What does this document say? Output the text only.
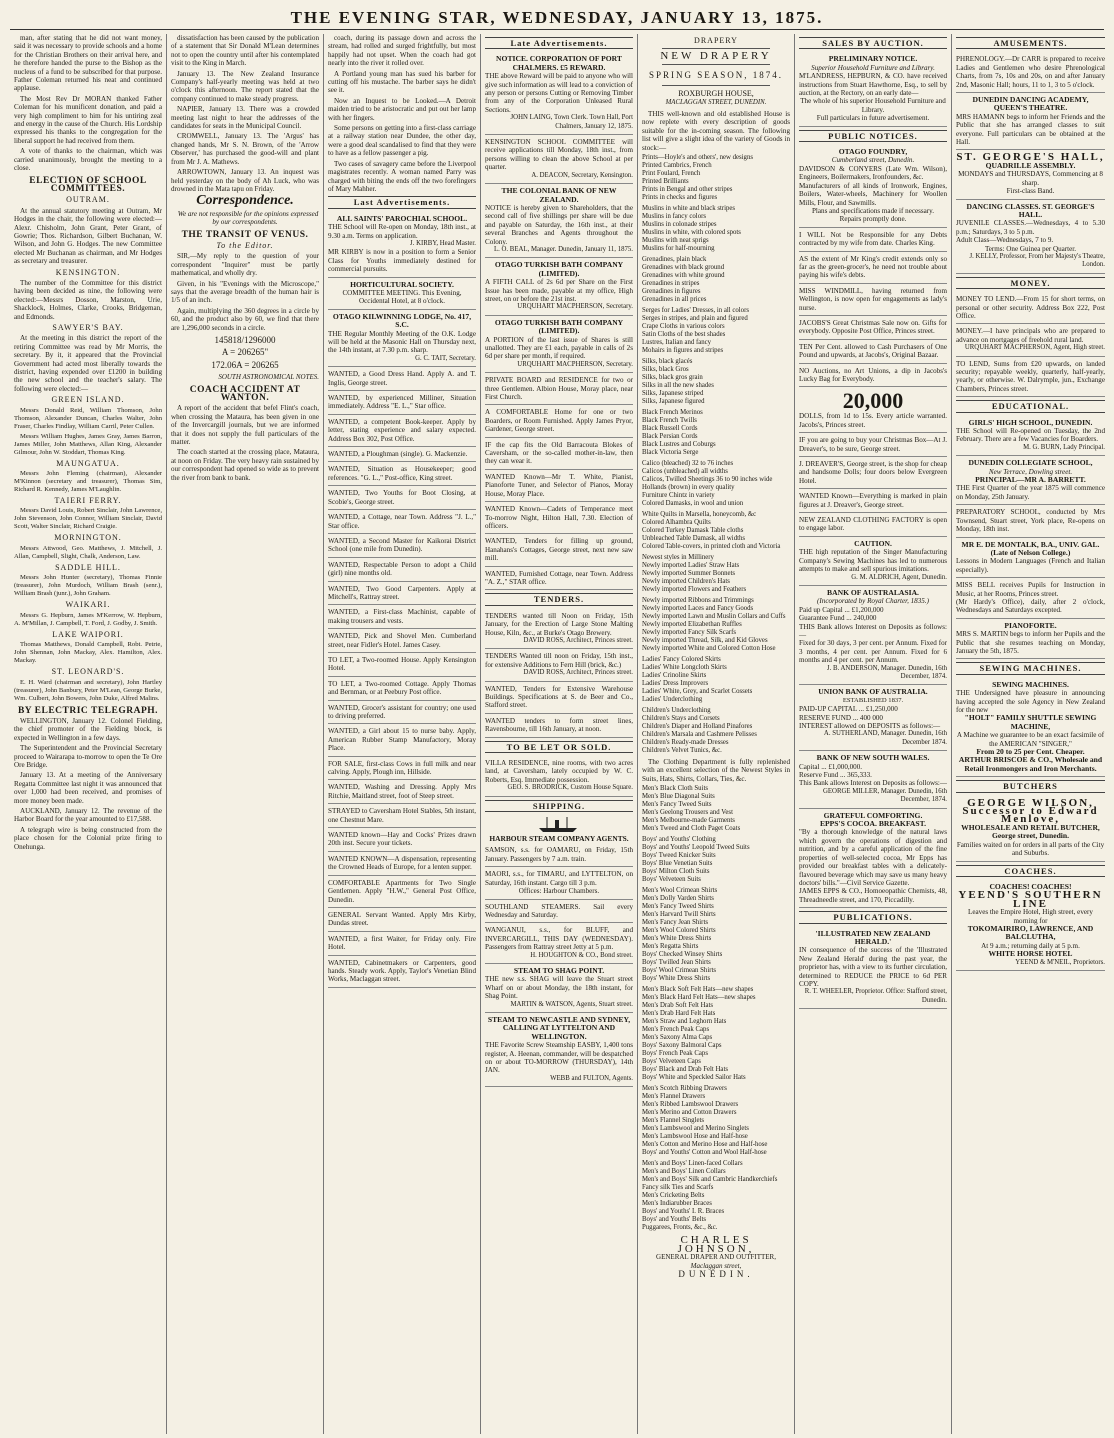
THE EVENING STAR, WEDNESDAY, JANUARY 13, 1875.

man, after stating that he did not want money, said it was necessary to provide schools and a home for the Christian Brothers on their arrival here, and he therefore handed the purse to the Bishop as the nucleus of a fund to be subscribed for that purpose. Father Coleman returned his neat and continued applause.

The Most Rev Dr MORAN thanked Father Coleman for his munificent donation, and paid a very high compliment to him for his untiring zeal and energy in the cause of the Church. His Lordship expressed his thanks to the congregation for the liberal support he had received from them.

A vote of thanks to the chairman, which was carried unanimously, brought the meeting to a close.

ELECTION OF SCHOOL COMMITTEES.
OUTRAM.

At the annual statutory meeting at Outram, Mr Hodges in the chair, the following were elected:—Alexr. Chisholm, John Grant, Peter Grant, of Gowrie; Thos. Richardson, Gilbert Buchanan, W. Wilson, and John G. Hodges. The new Committee elected Mr Buchanan as chairman, and Mr Hodges as secretary and treasurer.

KENSINGTON.

The number of the Committee for this district having been decided as nine, the following were elected:—Messrs Dosson, Marston, Urie, Shacklock, Holmes, Clarke, Crooks, Bridgeman, and Edmonds.

SAWYER'S BAY.

At the meeting in this district the report of the retiring Committee was read by Mr Morris, the secretary. By it, it appeared that the Provincial Government had acted most liberally towards the district, having expended over £1200 in building the new school and the teacher's salary. The following were elected:—

GREEN ISLAND.

Messrs Donald Reid, William Thomson, John Thomson, Alexander Duncan, Charles Walter, John Fraser, Charles Findlay, William Carril, Peter Cullen.

Messrs William Hughes, James Gray, James Barron, James Miller, John Matthews, Allan King, Alexander Gilmour, John W. Stoddart, Thomas King.

MAUNGATUA.

Messrs John Fleming (chairman), Alexander M'Kinnon (secretary and treasurer), Thomas Sim, Richard R. Kennedy, James M'Laughlin.

TAIERI FERRY.

Messrs David Louis, Robert Sinclair, John Lawrence, John Stevenson, John Connor, William Sinclair, David Scott, Walter Sinclair, Richard Craigie.

MORNINGTON.

Messrs Attwood, Geo. Matthews, J. Mitchell, J. Allan, Campbell, Slight, Chalk, Anderson, Law.

SADDLE HILL.

Messrs John Hunter (secretary), Thomas Finnie (treasurer), John Murdoch, William Brash (senr.), William Brash (junr.), John Graham.

WAIKARI.

Messrs G. Hepburn, James M'Kerrow, W. Hepburn, A. M'Millan, J. Campbell, T. Ford, J. Godby, J. Smith.

LAKE WAIPORI.

Thomas Matthews, Donald Campbell, Robt. Petrie, John Shennan, John Mackay, Alex. Hamilton, Alex. Mackay.

ST. LEONARD'S.

E. H. Ward (chairman and secretary), John Hartley (treasurer), John Banbury, Peter M'Lean, George Burke, Wm. Culbert, John Bowers, John Duke, Alfred Malins.

BY ELECTRIC TELEGRAPH.

WELLINGTON, January 12. Colonel Fielding, the chief promoter of the Fielding block, is expected in Wellington in a few days.

The Superintendent and the Provincial Secretary proceed to Wairarapa to-morrow to open the Te Ore Ore Bridge.

January 13. At a meeting of the Anniversary Regatta Committee last night it was announced that over 1,000 had been received, and promises of more money been made.

AUCKLAND, January 12. The revenue of the Harbor Board for the year amounted to £17,588.

A telegraph wire is being constructed from the place chosen for the Colonial prize firing to Onehunga.

dissatisfaction has been caused by the publication of a statement that Sir Donald M'Lean determines not to open the country until after his contemplated visit to the King in March.

January 13. The New Zealand Insurance Company's half-yearly meeting was held at two o'clock this afternoon. The report stated that the company continued to make steady progress.

NAPIER, January 13. There was a crowded meeting last night to hear the addresses of the candidates for seats in the Municipal Council.

CROMWELL, January 13. The 'Argus' has changed hands, Mr S. N. Brown, of the 'Arrow Observer,' has purchased the good-will and plant from Mr J. A. Mathews.

ARROWTOWN, January 13. An inquest was held yesterday on the body of Ah Luck, who was drowned in the Mata tapu on Friday.

Correspondence.

We are not responsible for the opinions expressed by our correspondents.

THE TRANSIT OF VENUS.
To the Editor.

SIR,—My reply to the question of your correspondent "Inquirer" must be partly mathematical, and wholly dry.

Given, in his "Evenings with the Microscope," says that the average breadth of the human hair is 1/5 of an inch.

Again, multiplying the 360 degrees in a circle by 60, and the product also by 60, we find that there are 1,296,000 seconds in a circle.

145818/1296000
A = 206265"
172.06A = 206265
SOUTH ASTRONOMICAL NOTES.
COACH ACCIDENT AT WANTON.

A report of the accident that befel Flint's coach, when crossing the Mataura, has been given in one of the Invercargill journals, but we are informed that it does not supply the full particulars of the matter.

The coach started at the crossing place, Mataura, at noon on Friday. The very heavy rain sustained by our correspondent had opened so wide as to prevent the river from bank to bank.

coach, during its passage down and across the stream, had rolled and surged frightfully, but most happily had not upset. When the coach had got nearly into the river it rolled over.

A Portland young man has sued his barber for cutting off his mustache. The barber says he didn't see it.

Now an Inquest to be Looked.—A Detroit maiden tried to be aristocratic and put out her lamp with her fingers.

Some persons on getting into a first-class carriage at a railway station near Dundee, the other day, were a good deal scandalised to find that they were to have as a fellow passenger a pig.

Two cases of savagery came before the Liverpool magistrates recently. A woman named Parry was charged with biting the ends off the two forefingers of Mary Mahher.

Last Advertisements.
ALL SAINTS' PAROCHIAL SCHOOL.
THE School will Re-open on Monday, 18th inst., at 9.30 a.m. Terms on application.
J. KIRBY, Head Master.
MR KIRBY is now in a position to form a Senior Class for Youths immediately destined for commercial pursuits.
HORTICULTURAL SOCIETY.
COMMITTEE MEETING. This Evening, Occidental Hotel, at 8 o'clock.
OTAGO KILWINNING LODGE, No. 417, S.C.
THE Regular Monthly Meeting of the O.K. Lodge will be held at the Masonic Hall on Thursday next, the 14th instant, at 7.30 p.m. sharp.
G. C. TAIT, Secretary.
WANTED, a Good Dress Hand. Apply A. and T. Inglis, George street.
WANTED, by experienced Milliner, Situation immediately. Address "E. L.," Star office.
WANTED, a competent Book-keeper. Apply by letter, stating experience and salary expected. Address Box 302, Post Office.
WANTED, a Ploughman (single). G. Mackenzie.
WANTED, Situation as Housekeeper; good references. "G. L.," Post-office, King street.
WANTED, Two Youths for Boot Closing, at Scobie's, George street.
WANTED, a Cottage, near Town. Address "J. L.," Star office.
WANTED, a Second Master for Kaikorai District School (one mile from Dunedin).
WANTED, Respectable Person to adopt a Child (girl) nine months old.
WANTED, Two Good Carpenters. Apply at Mitchell's, Rattray street.
WANTED, a First-class Machinist, capable of making trousers and vests.
WANTED, Pick and Shovel Men. Cumberland street, near Fidler's Hotel. James Casey.
TO LET, a Two-roomed House. Apply Kensington Hotel.
TO LET, a Two-roomed Cottage. Apply Thomas and Bernman, or at Peebury Post office.
WANTED, Grocer's assistant for country; one used to driving preferred.
WANTED, a Girl about 15 to nurse baby. Apply, American Rubber Stamp Manufactory, Moray Place.
FOR SALE, first-class Cows in full milk and near calving. Apply, Plough inn, Hillside.
WANTED, Washing and Dressing. Apply Mrs Ritchie, Maitland street, foot of Steep street.
STRAYED to Caversham Hotel Stables, 5th instant, one Chestnut Mare.
WANTED known—Hay and Cocks' Prizes drawn 20th inst. Secure your tickets.
WANTED KNOWN—A dispensation, representing the Crowned Heads of Europe, for a lenten supper.
COMFORTABLE Apartments for Two Single Gentlemen. Apply "H.W.," General Post Office, Dunedin.
GENERAL Servant Wanted. Apply Mrs Kirby, Dundas street.
WANTED, a first Waiter, for Friday only. Fire Hotel.
WANTED, Cabinetmakers or Carpenters, good hands. Steady work. Apply, Taylor's Venetian Blind Works, Maclaggan street.
Late Advertisements.
NOTICE. CORPORATION OF PORT CHALMERS. £5 REWARD.
THE above Reward will be paid to anyone who will give such information as will lead to a conviction of any person or persons Cutting or Removing Timber from any of the Corporation Unleased Rural Sections.
JOHN LAING, Town Clerk. Town Hall, Port Chalmers, January 12, 1875.
KENSINGTON SCHOOL COMMITTEE will receive applications till Monday, 18th inst., from persons willing to clean the above School at per quarter.
A. DEACON, Secretary, Kensington.
THE COLONIAL BANK OF NEW ZEALAND.
NOTICE is hereby given to Shareholders, that the second call of five shillings per share will be due and payable on Saturday, the 16th inst., at their several Branches and Agents throughout the Colony.
L. O. BEAL, Manager. Dunedin, January 11, 1875.
OTAGO TURKISH BATH COMPANY (LIMITED).
A FIFTH CALL of 2s 6d per Share on the First Issue has been made, payable at my office, High street, on or before the 21st inst.
URQUHART MACPHERSON, Secretary.
OTAGO TURKISH BATH COMPANY (LIMITED).
A PORTION of the last issue of Shares is still unallotted. They are £1 each, payable in calls of 2s 6d per share per month, if required.
URQUHART MACPHERSON, Secretary.
PRIVATE BOARD and RESIDENCE for two or three Gentlemen. Albion House, Moray place, near First Church.
A COMFORTABLE Home for one or two Boarders, or Room Furnished. Apply James Pryor, Gardener, George street.
IF the cap fits the Old Barracouta Blokes of Caversham, or the so-called mother-in-law, then they can wear it.
WANTED Known—Mr T. White, Pianist, Pianoforte Tuner, and Selector of Pianos, Moray House, Moray Place.
WANTED Known—Cadets of Temperance meet To-morrow Night, Hilton Hall, 7.30. Election of officers.
WANTED, Tenders for filling up ground, Hanahans's Cottages, George street, next new saw mill.
WANTED, Furnished Cottage, near Town. Address "A. Z.," STAR office.
TENDERS.
TENDERS wanted till Noon on Friday, 15th January, for the Erection of Large Stone Malting House, Kiln, &c., at Burke's Otago Brewery.
DAVID ROSS, Architect, Princes street.
TENDERS Wanted till noon on Friday, 15th inst., for extensive Additions to Fern Hill (brick, &c.)
DAVID ROSS, Architect, Princes street.
WANTED, Tenders for Extensive Warehouse Buildings. Specifications at S. de Beer and Co., Stafford street.
WANTED tenders to form street lines, Ravensbourne, till 16th January, at noon.
TO BE LET OR SOLD.
VILLA RESIDENCE, nine rooms, with two acres land, at Caversham, lately occupied by W. C. Roberts, Esq. Immediate possession.
GEO. S. BRODRICK, Custom House Square.
SHIPPING.
HARBOUR STEAM COMPANY AGENTS.
SAMSON, s.s. for OAMARU, on Friday, 15th January. Passengers by 7 a.m. train.
MAORI, s.s., for TIMARU, and LYTTELTON, on Saturday, 16th instant. Cargo till 3 p.m.
Offices: Harbour Chambers.
SOUTHLAND STEAMERS. Sail every Wednesday and Saturday.
WANGANUI, s.s., for BLUFF, and INVERCARGILL, THIS DAY (WEDNESDAY). Passengers from Rattray street Jetty at 5 p.m.
H. HOUGHTON & CO., Bond street.
STEAM TO SHAG POINT.
THE new s.s. SHAG will leave the Stuart street Wharf on or about Monday, the 18th instant, for Shag Point.
MARTIN & WATSON, Agents, Stuart street.
STEAM TO NEWCASTLE AND SYDNEY, CALLING AT LYTTELTON AND WELLINGTON.
THE Favorite Screw Steamship EASBY, 1,400 tons register, A. Heenan, commander, will be despatched on or about TO-MORROW (THURSDAY), 14th JAN.
WEBB and FULTON, Agents.
DRAPERY
NEW DRAPERY
SPRING SEASON, 1874.
ROXBURGH HOUSE,
MACLAGGAN STREET, DUNEDIN.

THIS well-known and old established House is now replete with every description of goods suitable for the in-coming season. The following list will give a slight idea of the variety of Goods in stock:—

Prints—Hoyle's and others', new designs
Printed Cambrics, French
Print Foulard, French
Printed Brilliants
Prints in Bengal and other stripes
Prints in checks and figures
Muslins in white and black stripes
Muslins in fancy colors
Muslins in colonade stripes
Muslins in white, with colored spots
Muslins with neat sprigs
Muslins for half-mourning
Grenadines, plain black
Grenadines with black ground
Grenadines with white ground
Grenadines in stripes
Grenadines in figures
Grenadines in all prices
Serges for Ladies' Dresses, in all colors
Serges in stripes, and plain and figured
Crape Cloths in various colors
Satin Cloths of the best shades
Lustres, Italian and fancy
Mohairs in figures and stripes
Silks, black glacés
Silks, black Gros
Silks, black gros grain
Silks in all the new shades
Silks, Japanese striped
Silks, Japanese figured
Black French Merinos
Black French Twills
Black Russell Cords
Black Persian Cords
Black Lustres and Coburgs
Black Victoria Serge
Calico (bleached) 32 to 76 inches
Calicos (unbleached) all widths
Calicos, Twilled Sheetings 36 to 90 inches wide
Hollands (brown) in every quality
Furniture Chintz in variety
Colored Damasks, in wool and union
White Quilts in Marsella, honeycomb, &c
Colored Alhambra Quilts
Colored Turkey Damask Table cloths
Unbleached Table Damask, all widths
Colored Table-covers, in printed cloth and Victoria
Newest styles in Millinery
Newly imported Ladies' Straw Hats
Newly imported Summer Bonnets
Newly imported Children's Hats
Newly imported Flowers and Feathers
Newly imported Ribbons and Trimmings
Newly imported Laces and Fancy Goods
Newly imported Lawn and Muslin Collars and Cuffs
Newly imported Elizabethan Ruffles
Newly imported Fancy Silk Scarfs
Newly imported Thread, Silk, and Kid Gloves
Newly imported White and Colored Cotton Hose
Ladies' Fancy Colored Skirts
Ladies' White Longcloth Skirts
Ladies' Crinoline Skirts
Ladies' Dress Improvers
Ladies' White, Grey, and Scarlet Cossets
Ladies' Underclothing
Children's Underclothing
Children's Stays and Corsets
Children's Diaper and Holland Pinafores
Children's Marsala and Cashmere Pelisses
Children's Ready-made Dresses
Children's Velvet Tunics, &c.

The Clothing Department is fully replenished with an excellent selection of the Newest Styles in Suits, Hats, Shirts, Collars, Ties, &c.

Men's Black Cloth Suits
Men's Blue Diagonal Suits
Men's Fancy Tweed Suits
Men's Geelong Trousers and Vest
Men's Melbourne-made Garments
Men's Tweed and Cloth Paget Coats
Boys' and Youths' Clothing
Boys' and Youths' Leopold Tweed Suits
Boys' Tweed Knicker Suits
Boys' Blue Venetian Suits
Boys' Milton Cloth Suits
Boys' Velveteen Suits
Men's Wool Crimean Shirts
Men's Dolly Varden Shirts
Men's Fancy Tweed Shirts
Men's Harvard Twill Shirts
Men's Fancy Jean Shirts
Men's Wool Colored Shirts
Men's White Dress Shirts
Men's Regatta Shirts
Boys' Checked Winsey Shirts
Boys' Twilled Jean Shirts
Boys' Wool Crimean Shirts
Boys' White Dress Shirts
Men's Black Soft Felt Hats—new shapes
Men's Black Hard Felt Hats—new shapes
Men's Drab Soft Felt Hats
Men's Drab Hard Felt Hats
Men's Straw and Leghorn Hats
Men's French Peak Caps
Men's Saxony Alma Caps
Boys' Saxony Balmoral Caps
Boys' French Peak Caps
Boys' Velveteen Caps
Boys' Black and Drab Felt Hats
Boys' White and Speckled Sailor Hats
Men's Scotch Ribbing Drawers
Men's Flannel Drawers
Men's Ribbed Lambswool Drawers
Men's Merino and Cotton Drawers
Men's Flannel Singlets
Men's Lambswool and Merino Singlets
Men's Lambswool Hose and Half-hose
Men's Cotton and Merino Hose and Half-hose
Boys' and Youths' Cotton and Wool Half-hose
Men's and Boys' Linen-faced Collars
Men's and Boys' Linen Collars
Men's and Boys' Silk and Cambric Handkerchiefs
Fancy silk Ties and Scarfs
Men's Cricketing Belts
Men's Indiarubber Braces
Boys' and Youths' I. R. Braces
Boys' and Youths' Belts
Puggarees, Fronts, &c., &c.
CHARLES JOHNSON,
GENERAL DRAPER AND OUTFITTER,
Maclaggan street,
DUNEDIN.
SALES BY AUCTION.
PRELIMINARY NOTICE.
Superior Household Furniture and Library.
M'LANDRESS, HEPBURN, & CO. have received instructions from Stuart Hawthorne, Esq., to sell by auction, at the Rectory, on an early date—
The whole of his superior Household Furniture and Library.
Full particulars in future advertisement.
PUBLIC NOTICES.
OTAGO FOUNDRY,
Cumberland street, Dunedin.
DAVIDSON & CONYERS (Late Wm. Wilson), Engineers, Boilermakers, Ironfounders, &c.
Manufacturers of all kinds of Ironwork, Engines, Boilers, Water-wheels, Machinery for Woollen Mills, Flour, and Sawmills.
Plans and specifications made if necessary.
Repairs promptly done.
I WILL Not be Responsible for any Debts contracted by my wife from date. Charles King.
AS the extent of Mr King's credit extends only so far as the green-grocer's, he need not trouble about paying his wife's debts.
MISS WINDMILL, having returned from Wellington, is now open for engagements as lady's nurse.
JACOBS'S Great Christmas Sale now on. Gifts for everybody. Opposite Post Office, Princes street.
TEN Per Cent. allowed to Cash Purchasers of One Pound and upwards, at Jacobs's, Original Bazaar.
NO Auctions, no Art Unions, a dip in Jacobs's Lucky Bag for Everybody.
20,000
DOLLS, from 1d to 15s. Every article warranted. Jacobs's, Princes street.
IF you are going to buy your Christmas Box—At J. Dreaver's, to be sure, George street.
J. DREAVER'S, George street, is the shop for cheap and handsome Dolls; four doors below Evergreen Hotel.
WANTED Known—Everything is marked in plain figures at J. Dreaver's, George street.
NEW ZEALAND CLOTHING FACTORY is open to engage labor.
CAUTION.
THE high reputation of the Singer Manufacturing Company's Sewing Machines has led to numerous attempts to make and sell spurious imitations.
G. M. ALDRICH, Agent, Dunedin.
BANK OF AUSTRALASIA.
(Incorporated by Royal Charter, 1835.)
Paid up Capital ... £1,200,000
Guarantee Fund ... 240,000
THIS Bank allows Interest on Deposits as follows:—
Fixed for 30 days, 3 per cent. per Annum. Fixed for 3 months, 4 per cent. per Annum. Fixed for 6 months and 4 per cent. per Annum.
J. B. ANDERSON, Manager. Dunedin, 16th December, 1874.
UNION BANK OF AUSTRALIA.
ESTABLISHED 1837.
PAID-UP CAPITAL ... £1,250,000
RESERVE FUND ... 400 000
INTEREST allowed on DEPOSITS as follows:—
A. SUTHERLAND, Manager. Dunedin, 16th December 1874.
BANK OF NEW SOUTH WALES.
Capital ... £1,000,000.
Reserve Fund ... 365,333.
This Bank allows Interest on Deposits as follows:—
GEORGE MILLER, Manager. Dunedin, 16th December, 1874.
GRATEFUL COMFORTING.
EPPS'S COCOA. BREAKFAST.
"By a thorough knowledge of the natural laws which govern the operations of digestion and nutrition, and by a careful application of the fine properties of well-selected cocoa, Mr Epps has provided our breakfast tables with a delicately-flavoured beverage which may save us many heavy doctors' bills."—Civil Service Gazette.
JAMES EPPS & CO., Homoeopathic Chemists, 48, Threadneedle street, and 170, Piccadilly.
PUBLICATIONS.
'ILLUSTRATED NEW ZEALAND HERALD.'
IN consequence of the success of the 'Illustrated New Zealand Herald' during the past year, the proprietor has, with a view to its further circulation, determined to REDUCE the PRICE to 6d PER COPY.
R. T. WHEELER, Proprietor. Office: Stafford street, Dunedin.
AMUSEMENTS.
PHRENOLOGY.—Dr CARR is prepared to receive Ladies and Gentlemen who desire Phrenological Charts, from 7s, 10s and 20s, on and after January 2nd, Masonic Hall; hours, 11 to 1, 3 to 5 o'clock.
DUNEDIN DANCING ACADEMY, QUEEN'S THEATRE.
MRS HAMANN begs to inform her Friends and the Public that she has arranged classes to suit everyone. Full particulars can be obtained at the Hall.
ST. GEORGE'S HALL,
QUADRILLE ASSEMBLY.
MONDAYS and THURSDAYS, Commencing at 8 sharp.
First-class Band.
DANCING CLASSES. ST. GEORGE'S HALL.
JUVENILE CLASSES.—Wednesdays, 4 to 5.30 p.m.; Saturdays, 3 to 5 p.m.
Adult Class—Wednesdays, 7 to 9.
Terms: One Guinea per Quarter.
J. KELLY, Professor, From her Majesty's Theatre, London.
MONEY.
MONEY TO LEND.—From 15 for short terms, on personal or other security. Address Box 222, Post Office.
MONEY.—I have principals who are prepared to advance on mortgages of freehold rural land.
URQUHART MACPHERSON, Agent, High street.
TO LEND, Sums from £20 upwards, on landed security; repayable weekly, quarterly, half-yearly, yearly, or otherwise. W. Dalrymple, jun., Exchange Chambers, Princes street.
EDUCATIONAL.
GIRLS' HIGH SCHOOL, DUNEDIN.
THE School will Re-opened on Tuesday, the 2nd February. There are a few Vacancies for Boarders.
M. G. BURN, Lady Principal.
DUNEDIN COLLEGIATE SCHOOL,
New Terrace, Dowling street.
PRINCIPAL—MR A. BARRETT.
THE First Quarter of the year 1875 will commence on Monday, 25th January.
PREPARATORY SCHOOL, conducted by Mrs Townsend, Stuart street, York place, Re-opens on Monday, 18th inst.
MR E. DE MONTALK, B.A., UNIV. GAL. (Late of Nelson College.)
Lessons in Modern Languages (French and Italian especially).
MISS BELL receives Pupils for Instruction in Music, at her Rooms, Princes street.
(Mr Hardy's Office), daily, after 2 o'clock, Wednesdays and Saturdays excepted.
PIANOFORTE.
MRS S. MARTIN begs to inform her Pupils and the Public that she resumes teaching on Monday, January the 5th, 1875.
SEWING MACHINES.
SEWING MACHINES.
THE Undersigned have pleasure in announcing having accepted the sole Agency in New Zealand for the new
"HOLT" FAMILY SHUTTLE SEWING MACHINE,
A Machine we guarantee to be an exact facsimile of the AMERICAN "SINGER,"
From 20 to 25 per Cent. Cheaper.
ARTHUR BRISCOE & CO., Wholesale and Retail Ironmongers and Iron Merchants.
BUTCHERS
GEORGE WILSON, Successor to Edward Menlove,
WHOLESALE AND RETAIL BUTCHER, George street, Dunedin.
Families waited on for orders in all parts of the City and Suburbs.
COACHES.
COACHES! COACHES!
YEEND'S SOUTHERN LINE
Leaves the Empire Hotel, High street, every morning for
TOKOMAIRIRO, LAWRENCE, AND BALCLUTHA,
At 9 a.m.; returning daily at 5 p.m.
WHITE HORSE HOTEL
YEEND & M'NEIL, Proprietors.
